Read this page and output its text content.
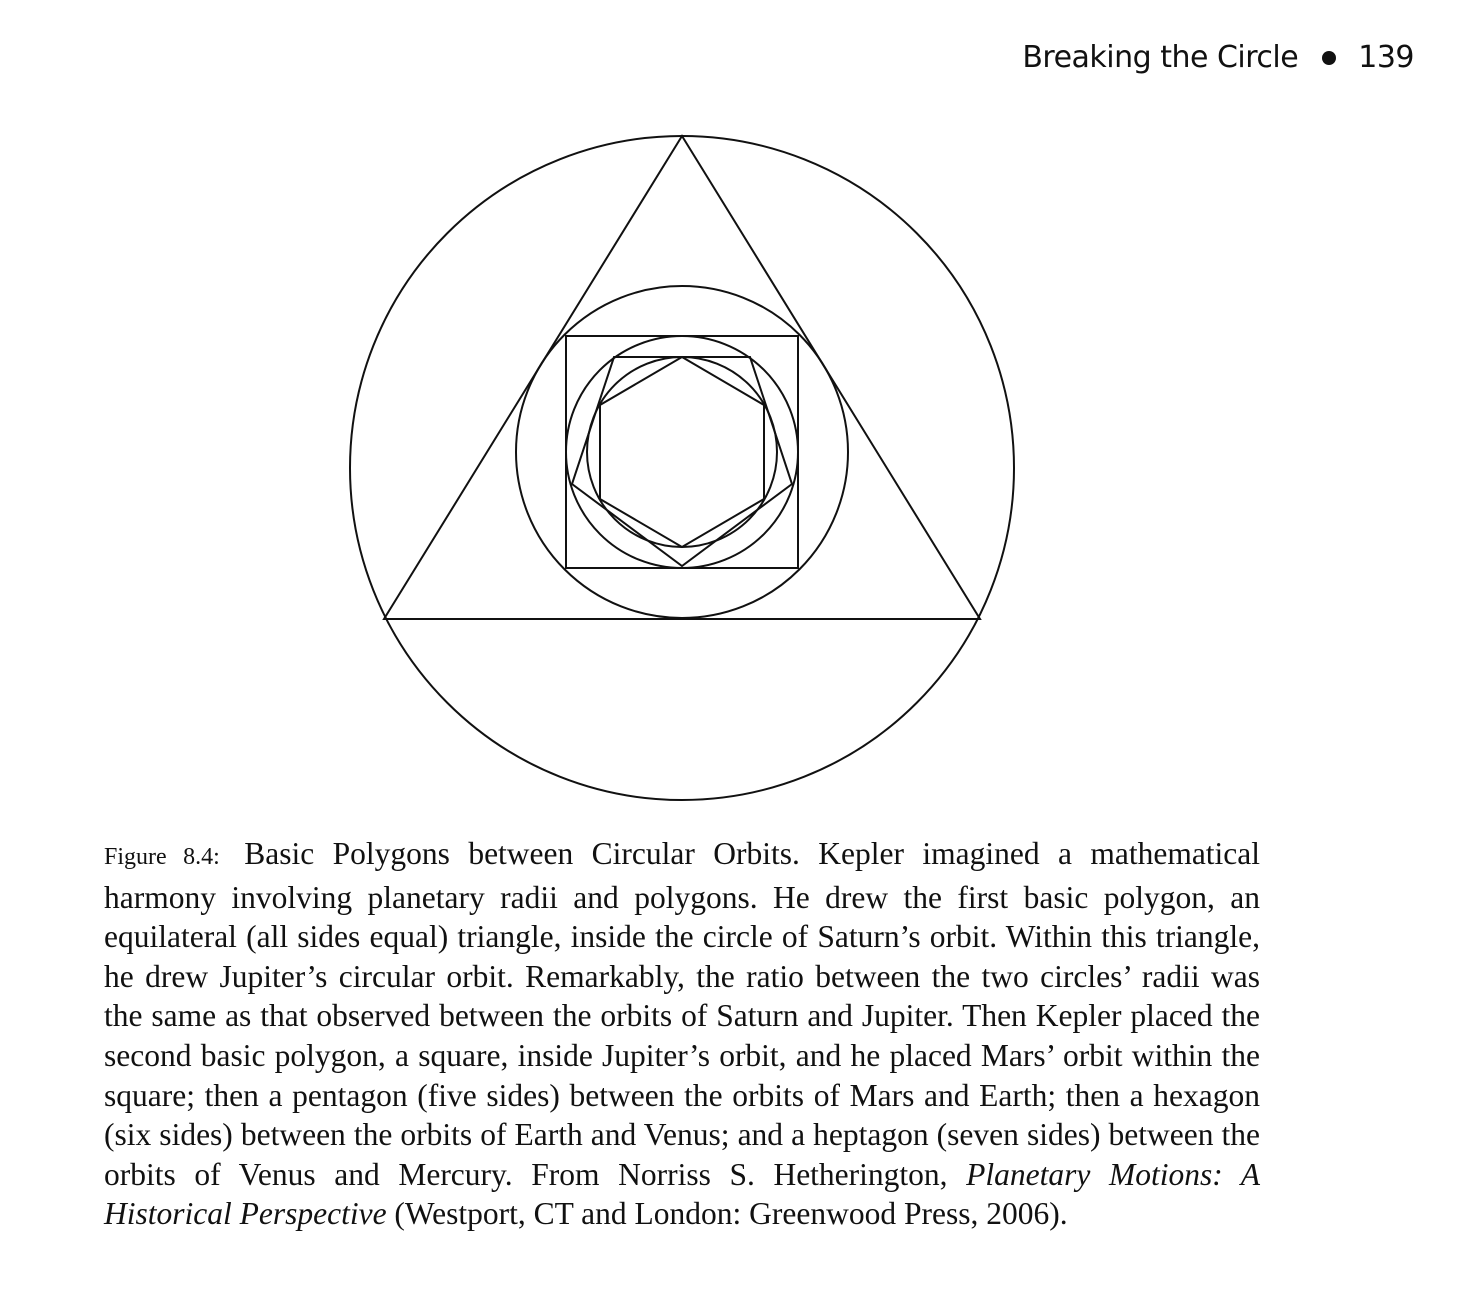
Breaking the Circle 139
Figure 8.4: Basic Polygons between Circular Orbits. Kepler imagined a mathematical harmony involving planetary radii and polygons. He drew the first basic polygon, an equilateral (all sides equal) triangle, inside the circle of Saturn’s orbit. Within this triangle, he drew Jupiter’s circular orbit. Remarkably, the ratio between the two circles’ radii was the same as that observed between the orbits of Saturn and Jupiter. Then Kepler placed the second basic polygon, a square, inside Jupiter’s orbit, and he placed Mars’ orbit within the square; then a pentagon (five sides) between the orbits of Mars and Earth; then a hexagon (six sides) between the orbits of Earth and Venus; and a heptagon (seven sides) between the orbits of Venus and Mercury. From Norriss S. Hetherington, Planetary Motions: A Historical Perspective (Westport, CT and London: Greenwood Press, 2006).
